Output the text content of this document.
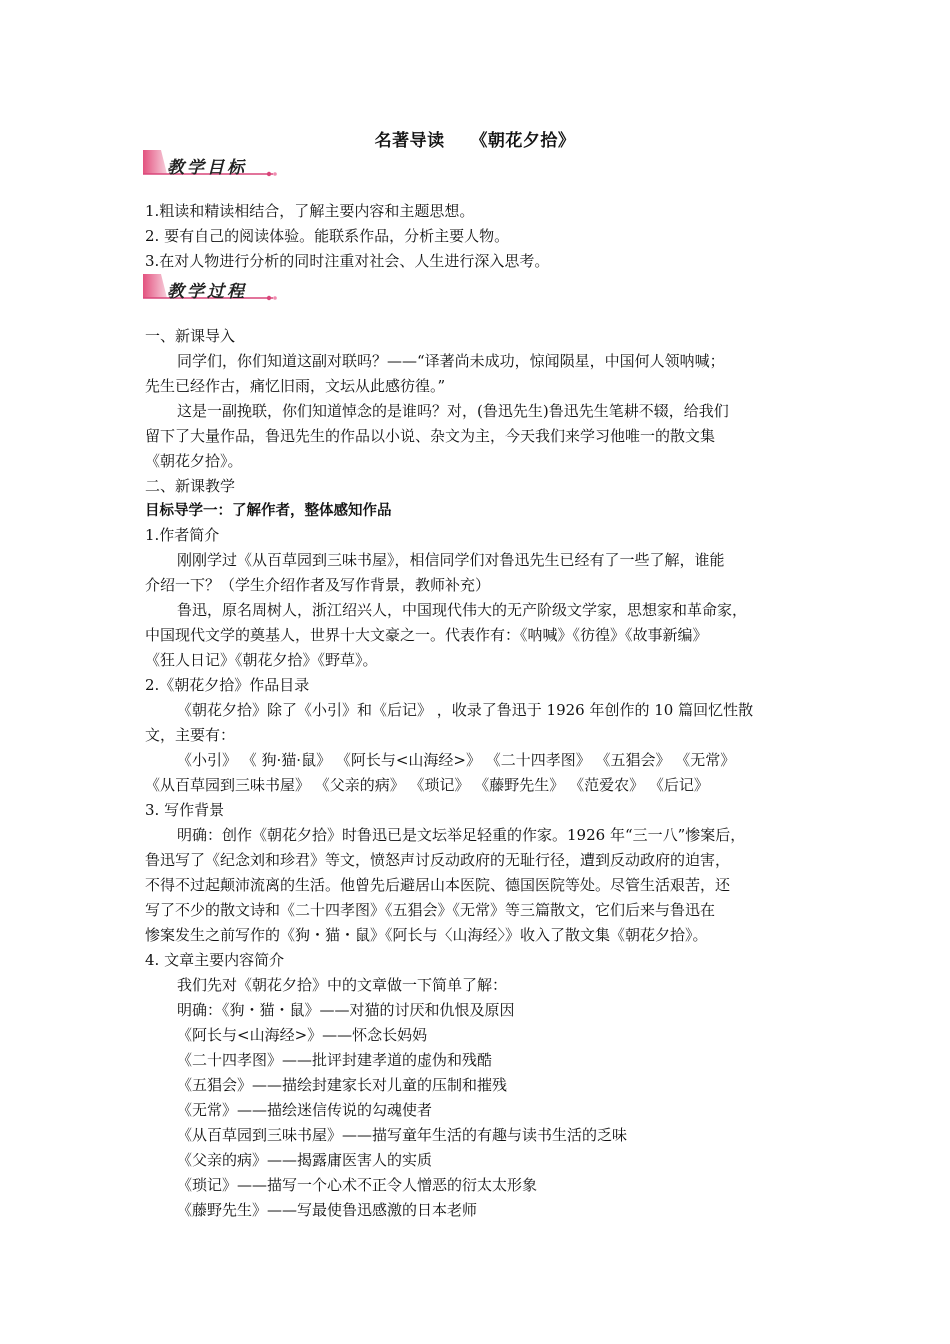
名著导读    《朝花夕拾》
教学目标

1.粗读和精读相结合，了解主要内容和主题思想。

2. 要有自己的阅读体验。能联系作品，分析主要人物。

3.在对人物进行分析的同时注重对社会、人生进行深入思考。

教学过程

一、新课导入

同学们，你们知道这副对联吗？——“译著尚未成功，惊闻陨星，中国何人领呐喊；

先生已经作古，痛忆旧雨，文坛从此感彷徨。”

这是一副挽联，你们知道悼念的是谁吗？对，(鲁迅先生)鲁迅先生笔耕不辍，给我们

留下了大量作品，鲁迅先生的作品以小说、杂文为主，今天我们来学习他唯一的散文集

《朝花夕拾》。

二、新课教学

目标导学一：了解作者，整体感知作品

1.作者简介

刚刚学过《从百草园到三味书屋》，相信同学们对鲁迅先生已经有了一些了解，谁能

介绍一下？（学生介绍作者及写作背景，教师补充）

鲁迅，原名周树人，浙江绍兴人，中国现代伟大的无产阶级文学家，思想家和革命家，

中国现代文学的奠基人，世界十大文豪之一。代表作有：《呐喊》《彷徨》《故事新编》

《狂人日记》《朝花夕拾》《野草》。

2.《朝花夕拾》作品目录

《朝花夕拾》除了《小引》和《后记》 ，收录了鲁迅于 1926 年创作的 10 篇回忆性散

文，主要有：

《小引》 《 狗·猫·鼠》 《阿长与<山海经>》 《二十四孝图》 《五猖会》 《无常》

《从百草园到三味书屋》 《父亲的病》 《琐记》 《藤野先生》 《范爱农》 《后记》

3. 写作背景

明确：创作《朝花夕拾》时鲁迅已是文坛举足轻重的作家。1926 年“三一八”惨案后，

鲁迅写了《纪念刘和珍君》等文，愤怒声讨反动政府的无耻行径，遭到反动政府的迫害，

不得不过起颠沛流离的生活。他曾先后避居山本医院、德国医院等处。尽管生活艰苦，还

写了不少的散文诗和《二十四孝图》《五猖会》《无常》等三篇散文，它们后来与鲁迅在

惨案发生之前写作的《狗・猫・鼠》《阿长与〈山海经〉》收入了散文集《朝花夕拾》。

4. 文章主要内容简介

我们先对《朝花夕拾》中的文章做一下简单了解：

明确：《狗・猫・鼠》——对猫的讨厌和仇恨及原因

《阿长与<山海经>》——怀念长妈妈

《二十四孝图》——批评封建孝道的虚伪和残酷

《五猖会》——描绘封建家长对儿童的压制和摧残

《无常》——描绘迷信传说的勾魂使者

《从百草园到三味书屋》——描写童年生活的有趣与读书生活的乏味

《父亲的病》——揭露庸医害人的实质

《琐记》——描写一个心术不正令人憎恶的衍太太形象

《藤野先生》——写最使鲁迅感激的日本老师
